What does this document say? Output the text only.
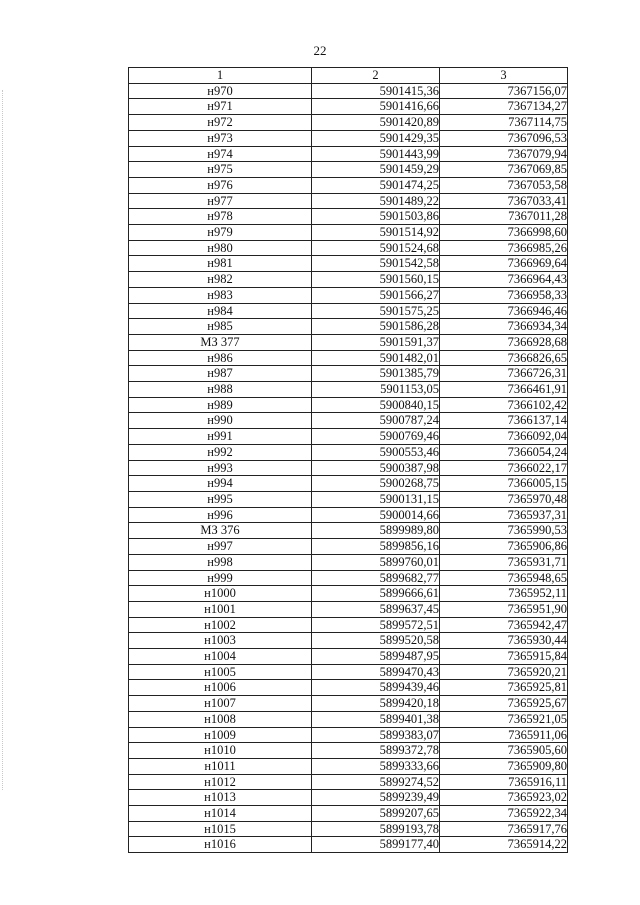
22
1	2	3
н970	5901415,36	7367156,07
н971	5901416,66	7367134,27
н972	5901420,89	7367114,75
н973	5901429,35	7367096,53
н974	5901443,99	7367079,94
н975	5901459,29	7367069,85
н976	5901474,25	7367053,58
н977	5901489,22	7367033,41
н978	5901503,86	7367011,28
н979	5901514,92	7366998,60
н980	5901524,68	7366985,26
н981	5901542,58	7366969,64
н982	5901560,15	7366964,43
н983	5901566,27	7366958,33
н984	5901575,25	7366946,46
н985	5901586,28	7366934,34
МЗ 377	5901591,37	7366928,68
н986	5901482,01	7366826,65
н987	5901385,79	7366726,31
н988	5901153,05	7366461,91
н989	5900840,15	7366102,42
н990	5900787,24	7366137,14
н991	5900769,46	7366092,04
н992	5900553,46	7366054,24
н993	5900387,98	7366022,17
н994	5900268,75	7366005,15
н995	5900131,15	7365970,48
н996	5900014,66	7365937,31
МЗ 376	5899989,80	7365990,53
н997	5899856,16	7365906,86
н998	5899760,01	7365931,71
н999	5899682,77	7365948,65
н1000	5899666,61	7365952,11
н1001	5899637,45	7365951,90
н1002	5899572,51	7365942,47
н1003	5899520,58	7365930,44
н1004	5899487,95	7365915,84
н1005	5899470,43	7365920,21
н1006	5899439,46	7365925,81
н1007	5899420,18	7365925,67
н1008	5899401,38	7365921,05
н1009	5899383,07	7365911,06
н1010	5899372,78	7365905,60
н1011	5899333,66	7365909,80
н1012	5899274,52	7365916,11
н1013	5899239,49	7365923,02
н1014	5899207,65	7365922,34
н1015	5899193,78	7365917,76
н1016	5899177,40	7365914,22
